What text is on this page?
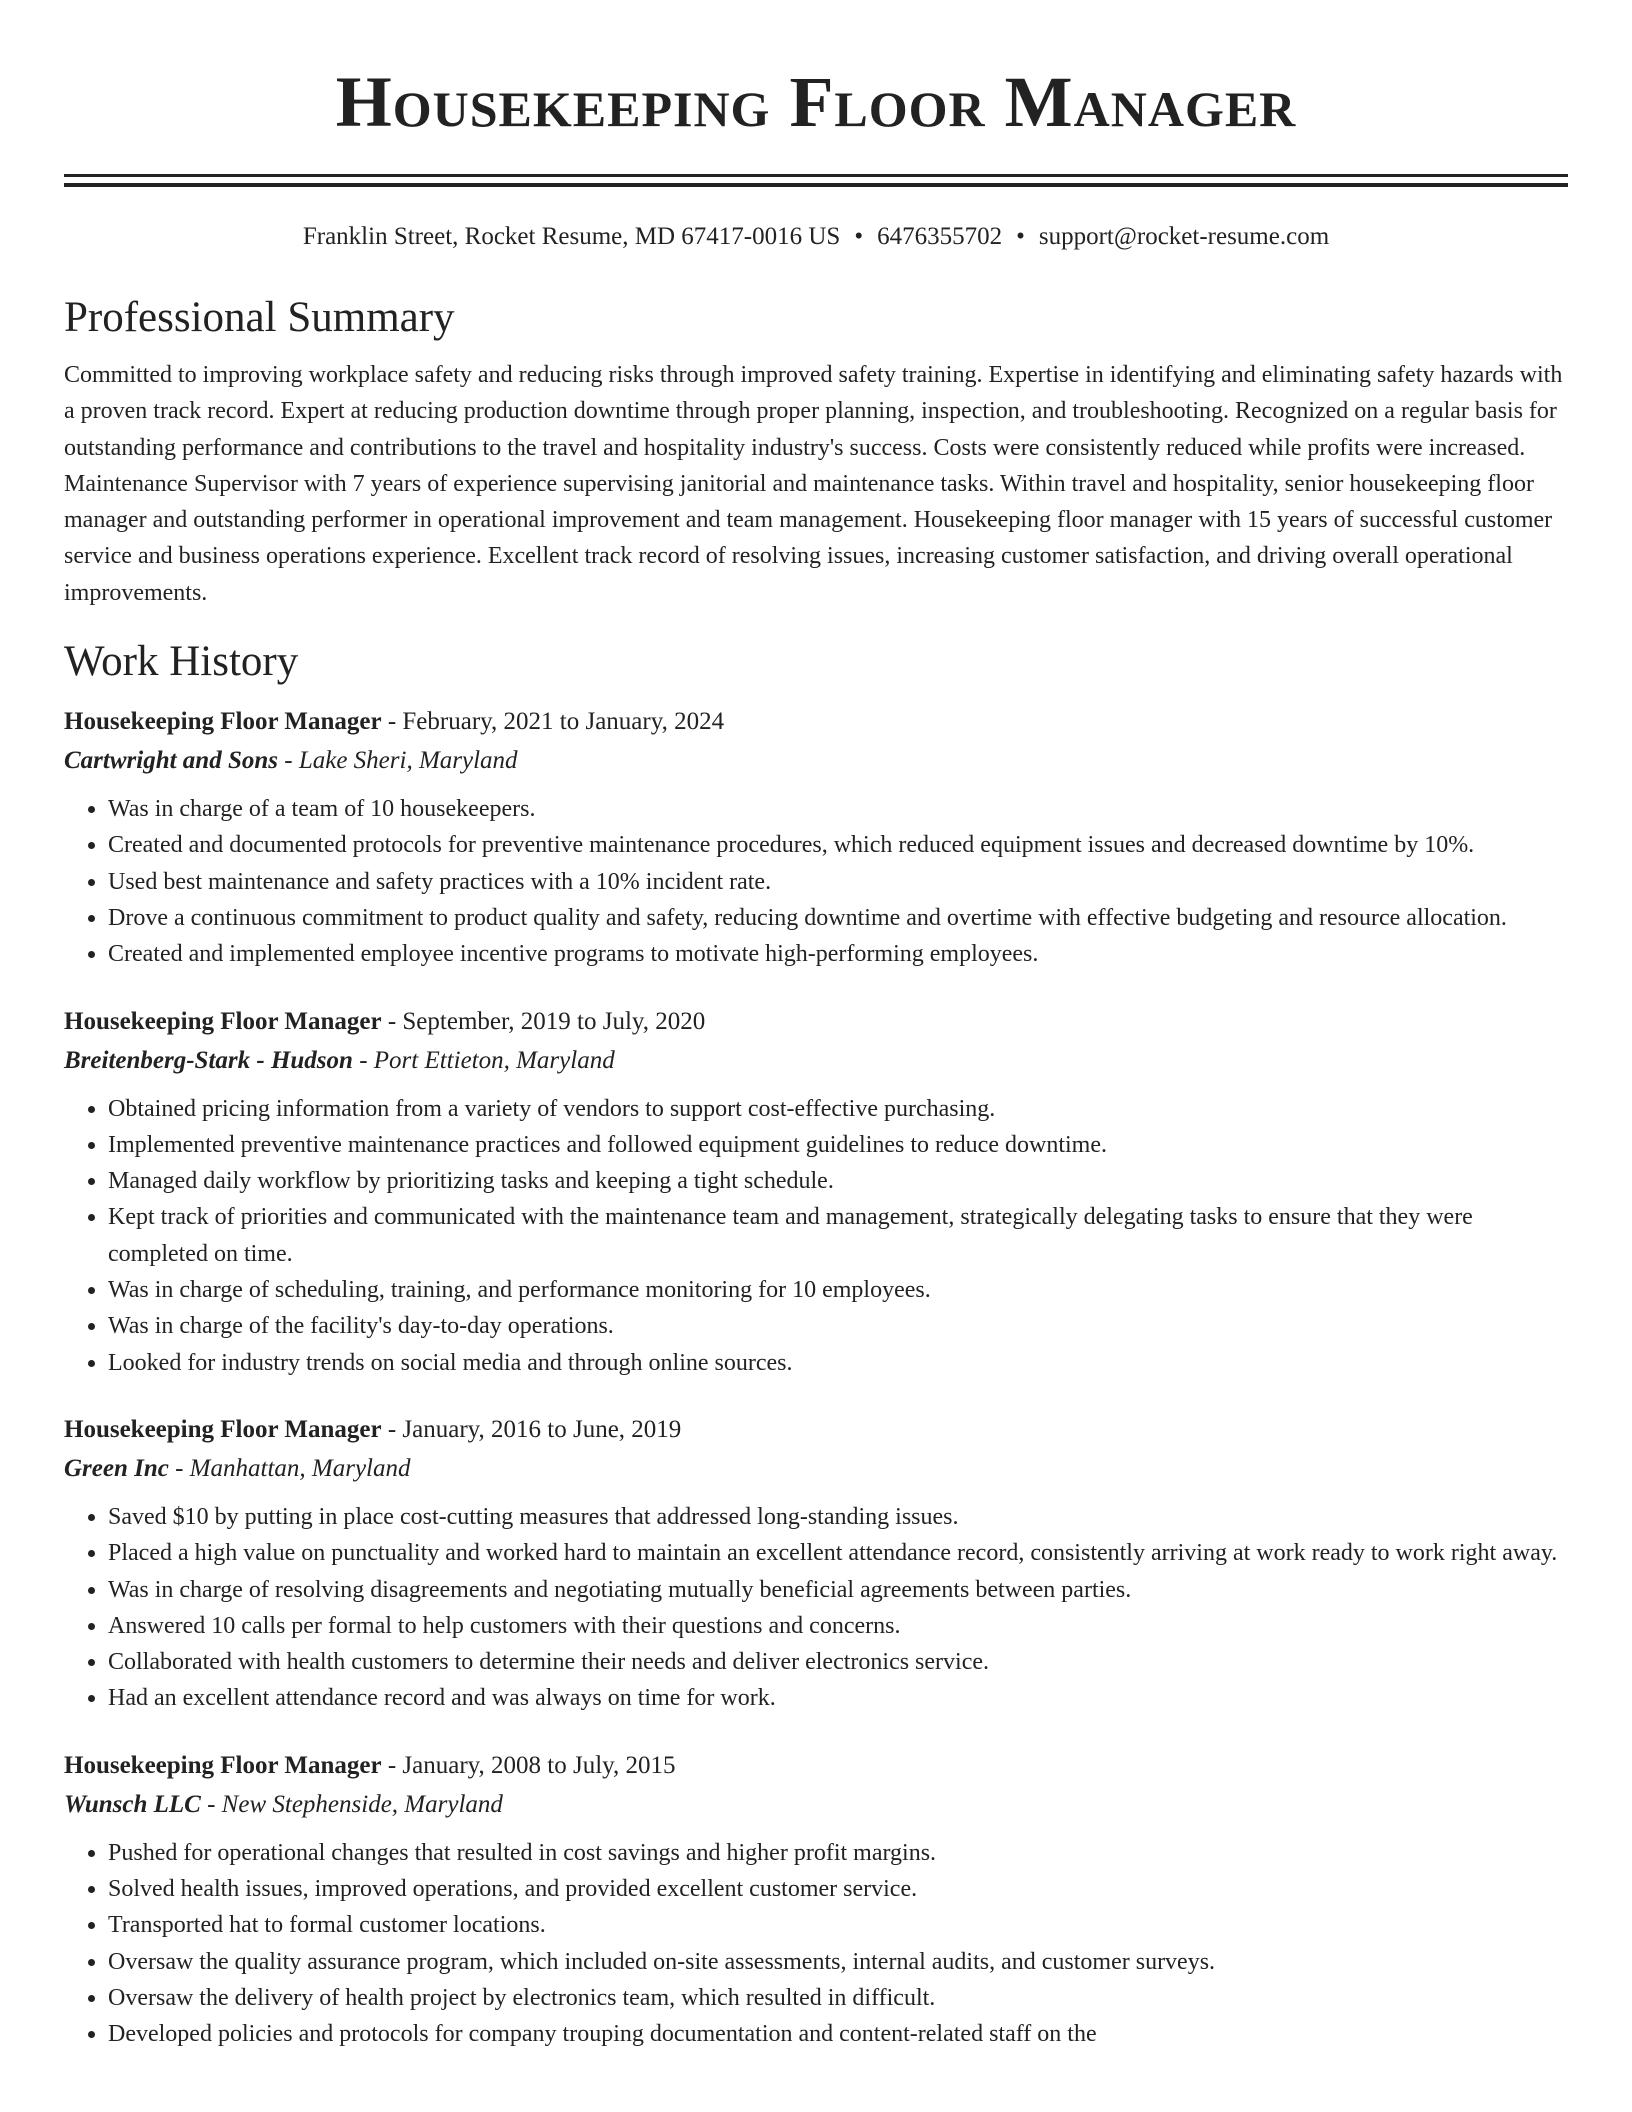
Housekeeping Floor Manager
Franklin Street, Rocket Resume, MD 67417-0016 US • 6476355702 • support@rocket-resume.com
Professional Summary
Committed to improving workplace safety and reducing risks through improved safety training. Expertise in identifying and eliminating safety hazards with a proven track record. Expert at reducing production downtime through proper planning, inspection, and troubleshooting. Recognized on a regular basis for outstanding performance and contributions to the travel and hospitality industry's success. Costs were consistently reduced while profits were increased. Maintenance Supervisor with 7 years of experience supervising janitorial and maintenance tasks. Within travel and hospitality, senior housekeeping floor manager and outstanding performer in operational improvement and team management. Housekeeping floor manager with 15 years of successful customer service and business operations experience. Excellent track record of resolving issues, increasing customer satisfaction, and driving overall operational improvements.
Work History
Housekeeping Floor Manager - February, 2021 to January, 2024
Cartwright and Sons - Lake Sheri, Maryland
• Was in charge of a team of 10 housekeepers.
• Created and documented protocols for preventive maintenance procedures, which reduced equipment issues and decreased downtime by 10%.
• Used best maintenance and safety practices with a 10% incident rate.
• Drove a continuous commitment to product quality and safety, reducing downtime and overtime with effective budgeting and resource allocation.
• Created and implemented employee incentive programs to motivate high-performing employees.
Housekeeping Floor Manager - September, 2019 to July, 2020
Breitenberg-Stark - Hudson - Port Ettieton, Maryland
• Obtained pricing information from a variety of vendors to support cost-effective purchasing.
• Implemented preventive maintenance practices and followed equipment guidelines to reduce downtime.
• Managed daily workflow by prioritizing tasks and keeping a tight schedule.
• Kept track of priorities and communicated with the maintenance team and management, strategically delegating tasks to ensure that they were completed on time.
• Was in charge of scheduling, training, and performance monitoring for 10 employees.
• Was in charge of the facility's day-to-day operations.
• Looked for industry trends on social media and through online sources.
Housekeeping Floor Manager - January, 2016 to June, 2019
Green Inc - Manhattan, Maryland
• Saved $10 by putting in place cost-cutting measures that addressed long-standing issues.
• Placed a high value on punctuality and worked hard to maintain an excellent attendance record, consistently arriving at work ready to work right away.
• Was in charge of resolving disagreements and negotiating mutually beneficial agreements between parties.
• Answered 10 calls per formal to help customers with their questions and concerns.
• Collaborated with health customers to determine their needs and deliver electronics service.
• Had an excellent attendance record and was always on time for work.
Housekeeping Floor Manager - January, 2008 to July, 2015
Wunsch LLC - New Stephenside, Maryland
• Pushed for operational changes that resulted in cost savings and higher profit margins.
• Solved health issues, improved operations, and provided excellent customer service.
• Transported hat to formal customer locations.
• Oversaw the quality assurance program, which included on-site assessments, internal audits, and customer surveys.
• Oversaw the delivery of health project by electronics team, which resulted in difficult.
• Developed policies and protocols for company trouping documentation and content-related staff on the
